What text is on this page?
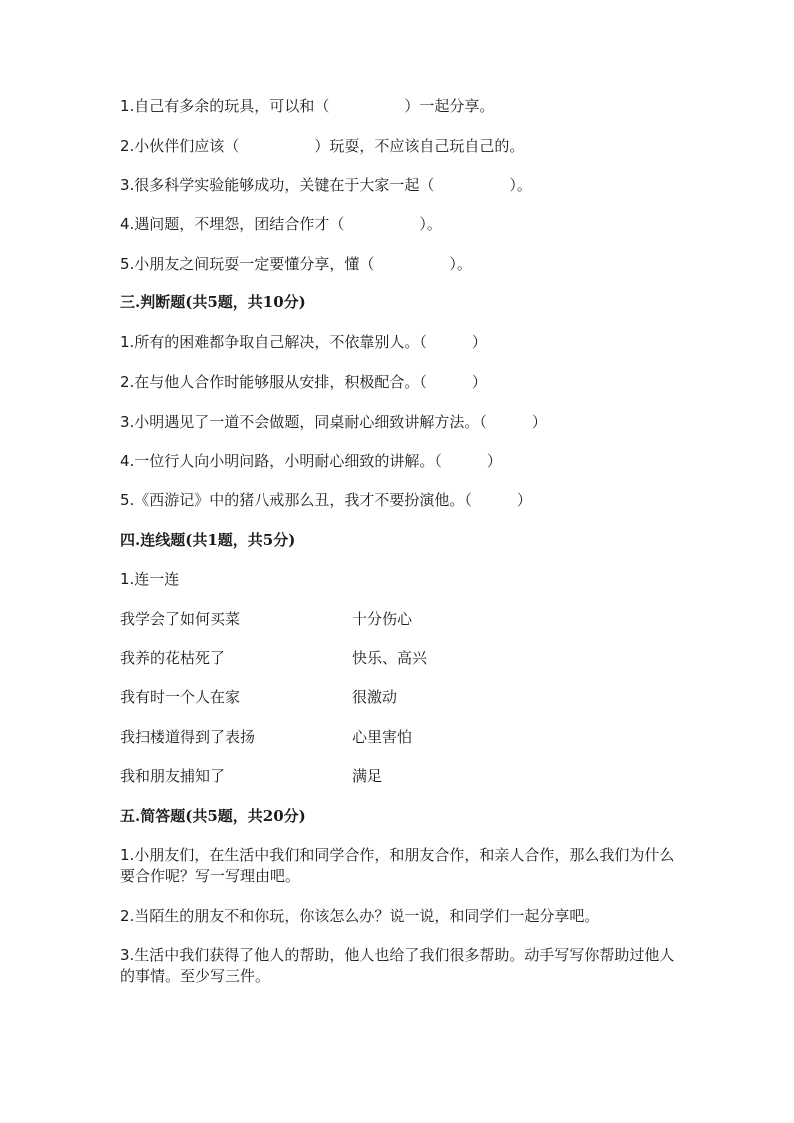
1.自己有多余的玩具，可以和（　　　　　）一起分享。
2.小伙伴们应该（　　　　　）玩耍，不应该自己玩自己的。
3.很多科学实验能够成功，关键在于大家一起（　　　　　）。
4.遇问题，不埋怨，团结合作才（　　　　　）。
5.小朋友之间玩耍一定要懂分享，懂（　　　　　）。
三.判断题(共5题，共10分)
1.所有的困难都争取自己解决，不依靠别人。（　　　）
2.在与他人合作时能够服从安排，积极配合。（　　　）
3.小明遇见了一道不会做题，同桌耐心细致讲解方法。（　　　）
4.一位行人向小明问路，小明耐心细致的讲解。（　　　）
5.《西游记》中的猪八戒那么丑，我才不要扮演他。（　　　）
四.连线题(共1题，共5分)
1.连一连
我学会了如何买菜	十分伤心
我养的花枯死了	快乐、高兴
我有时一个人在家	很激动
我扫楼道得到了表扬	心里害怕
我和朋友捕知了	满足
五.简答题(共5题，共20分)
1.小朋友们，在生活中我们和同学合作，和朋友合作，和亲人合作，那么我们为什么要合作呢？写一写理由吧。
2.当陌生的朋友不和你玩，你该怎么办？说一说，和同学们一起分享吧。
3.生活中我们获得了他人的帮助，他人也给了我们很多帮助。动手写写你帮助过他人的事情。至少写三件。
